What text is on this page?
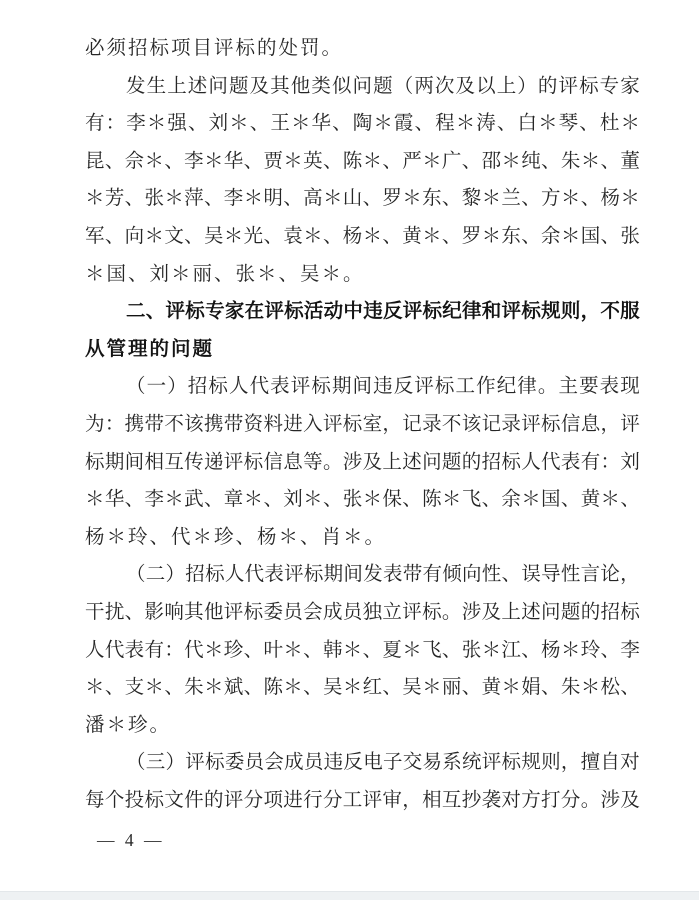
必须招标项目评标的处罚。
发 生 上 述 问 题 及 其 他 类 似 问 题 （ 两 次 及 以 上 ） 的 评 标 专 家
有 ： 李 ＊ 强 、 刘 ＊ 、 王 ＊ 华 、 陶 ＊ 霞 、 程 ＊ 涛 、 白 ＊ 琴 、 杜 ＊
昆 、 佘 ＊ 、 李 ＊ 华 、 贾 ＊ 英 、 陈 ＊ 、 严 ＊ 广 、 邵 ＊ 纯 、 朱 ＊ 、 董
＊ 芳 、 张 ＊ 萍 、 李 ＊ 明 、 高 ＊ 山 、 罗 ＊ 东 、 黎 ＊ 兰 、 方 ＊ 、 杨 ＊
军 、 向 ＊ 文 、 吴 ＊ 光 、 袁 ＊ 、 杨 ＊ 、 黄 ＊ 、 罗 ＊ 东 、 余 ＊ 国 、 张
＊国、刘＊丽、张＊、吴＊。
二 、 评 标 专 家 在 评 标 活 动 中 违 反 评 标 纪 律 和 评 标 规 则 ， 不 服
从管理的问题
（ 一 ） 招 标 人 代 表 评 标 期 间 违 反 评 标 工 作 纪 律 。 主 要 表 现
为 ： 携 带 不 该 携 带 资 料 进 入 评 标 室 ， 记 录 不 该 记 录 评 标 信 息 ， 评
标 期 间 相 互 传 递 评 标 信 息 等 。 涉 及 上 述 问 题 的 招 标 人 代 表 有 ： 刘
＊ 华 、 李 ＊ 武 、 章 ＊ 、 刘 ＊ 、 张 ＊ 保 、 陈 ＊ 飞 、 余 ＊ 国 、 黄 ＊ 、
杨＊玲、代＊珍、杨＊、肖＊。
（ 二 ） 招 标 人 代 表 评 标 期 间 发 表 带 有 倾 向 性 、 误 导 性 言 论 ，
干 扰 、 影 响 其 他 评 标 委 员 会 成 员 独 立 评 标 。 涉 及 上 述 问 题 的 招 标
人 代 表 有 ： 代 ＊ 珍 、 叶 ＊ 、 韩 ＊ 、 夏 ＊ 飞 、 张 ＊ 江 、 杨 ＊ 玲 、 李
＊ 、 支 ＊ 、 朱 ＊ 斌 、 陈 ＊ 、 吴 ＊ 红 、 吴 ＊ 丽 、 黄 ＊ 娟 、 朱 ＊ 松 、
潘＊珍。
（ 三 ） 评 标 委 员 会 成 员 违 反 电 子 交 易 系 统 评 标 规 则 ， 擅 自 对
每 个 投 标 文 件 的 评 分 项 进 行 分 工 评 审 ， 相 互 抄 袭 对 方 打 分 。 涉 及
— 4 —
